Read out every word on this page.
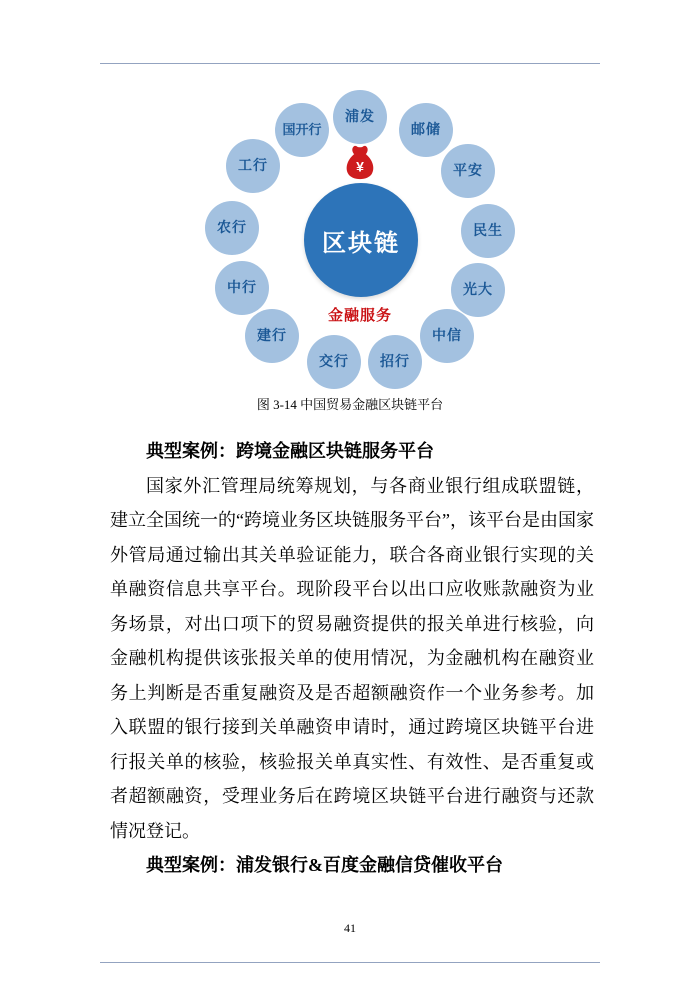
浦发
邮储
平安
民生
光大
中信
招行
交行
建行
中行
农行
工行
国开行
¥
区块链
金融服务
图 3-14 中国贸易金融区块链平台
典型案例：跨境金融区块链服务平台
国家外汇管理局统筹规划，与各商业银行组成联盟链，建立全国统一的“跨境业务区块链服务平台”，该平台是由国家外管局通过输出其关单验证能力，联合各商业银行实现的关单融资信息共享平台。现阶段平台以出口应收账款融资为业务场景，对出口项下的贸易融资提供的报关单进行核验，向金融机构提供该张报关单的使用情况，为金融机构在融资业务上判断是否重复融资及是否超额融资作一个业务参考。加入联盟的银行接到关单融资申请时，通过跨境区块链平台进行报关单的核验，核验报关单真实性、有效性、是否重复或者超额融资，受理业务后在跨境区块链平台进行融资与还款情况登记。
典型案例：浦发银行&百度金融信贷催收平台
41
